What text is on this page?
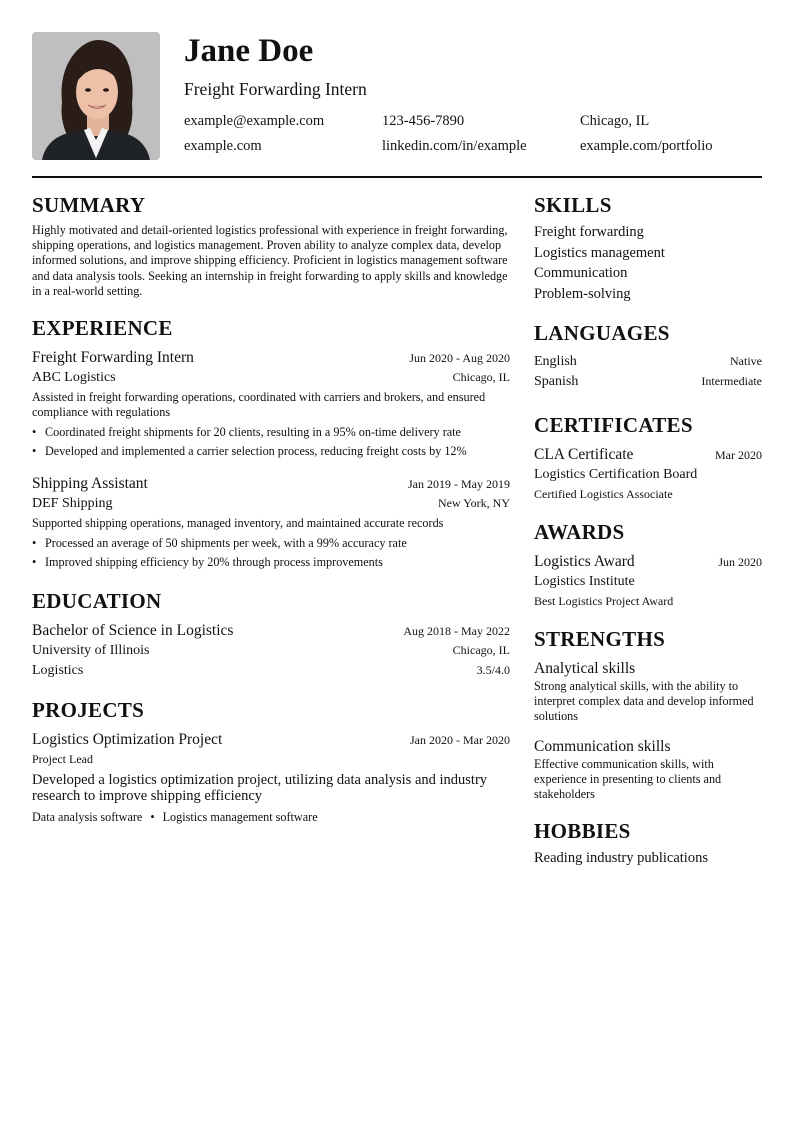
Jane Doe
Freight Forwarding Intern
example@example.com	123-456-7890	Chicago, IL
example.com	linkedin.com/in/example	example.com/portfolio
SUMMARY
Highly motivated and detail-oriented logistics professional with experience in freight forwarding, shipping operations, and logistics management. Proven ability to analyze complex data, develop informed solutions, and improve shipping efficiency. Proficient in logistics management software and data analysis tools. Seeking an internship in freight forwarding to apply skills and knowledge in a real-world setting.
EXPERIENCE
Freight Forwarding Intern	Jun 2020 - Aug 2020
ABC Logistics	Chicago, IL
Assisted in freight forwarding operations, coordinated with carriers and brokers, and ensured compliance with regulations
• Coordinated freight shipments for 20 clients, resulting in a 95% on-time delivery rate
• Developed and implemented a carrier selection process, reducing freight costs by 12%
Shipping Assistant	Jan 2019 - May 2019
DEF Shipping	New York, NY
Supported shipping operations, managed inventory, and maintained accurate records
• Processed an average of 50 shipments per week, with a 99% accuracy rate
• Improved shipping efficiency by 20% through process improvements
EDUCATION
Bachelor of Science in Logistics	Aug 2018 - May 2022
University of Illinois	Chicago, IL
Logistics	3.5/4.0
PROJECTS
Logistics Optimization Project	Jan 2020 - Mar 2020
Project Lead
Developed a logistics optimization project, utilizing data analysis and industry research to improve shipping efficiency
Data analysis software • Logistics management software
SKILLS
Freight forwarding
Logistics management
Communication
Problem-solving
LANGUAGES
English	Native
Spanish	Intermediate
CERTIFICATES
CLA Certificate	Mar 2020
Logistics Certification Board
Certified Logistics Associate
AWARDS
Logistics Award	Jun 2020
Logistics Institute
Best Logistics Project Award
STRENGTHS
Analytical skills
Strong analytical skills, with the ability to interpret complex data and develop informed solutions
Communication skills
Effective communication skills, with experience in presenting to clients and stakeholders
HOBBIES
Reading industry publications
